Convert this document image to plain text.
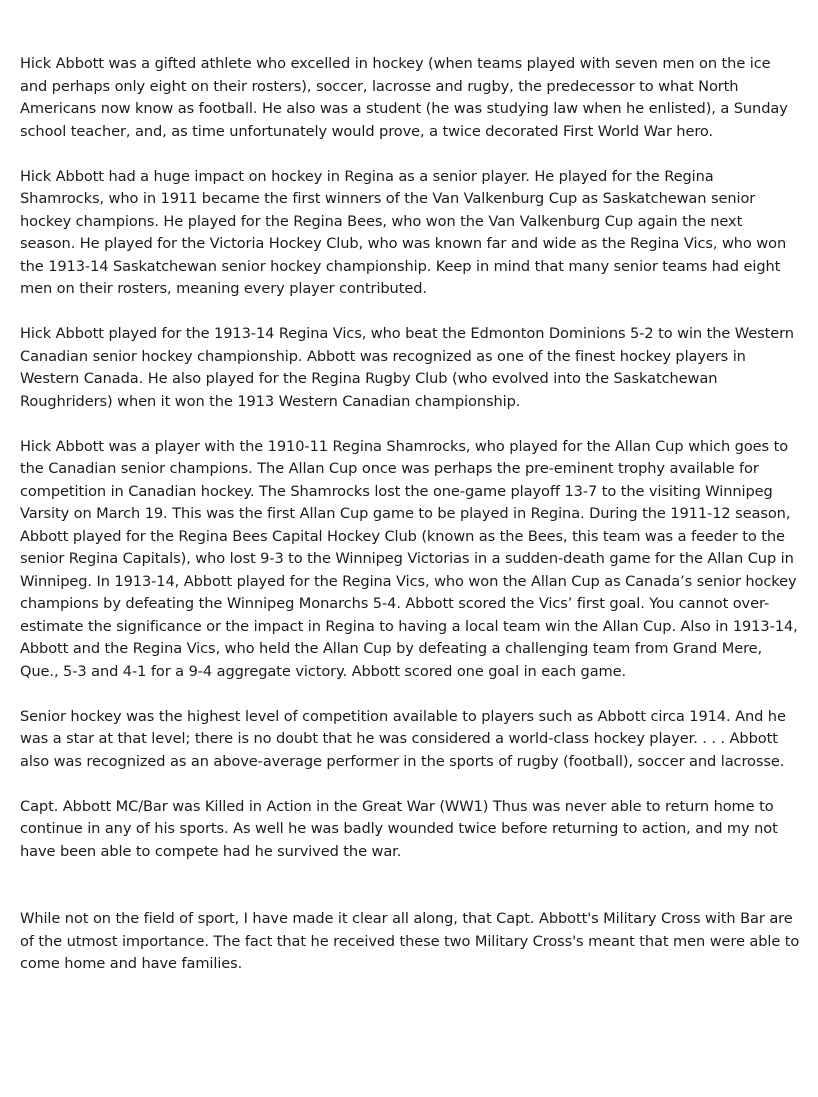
Hick Abbott was a gifted athlete who excelled in hockey (when teams played with seven men on the ice and perhaps only eight on their rosters), soccer, lacrosse and rugby, the predecessor to what North Americans now know as football. He also was a student (he was studying law when he enlisted), a Sunday school teacher, and, as time unfortunately would prove, a twice decorated First World War hero.

Hick Abbott had a huge impact on hockey in Regina as a senior player. He played for the Regina Shamrocks, who in 1911 became the first winners of the Van Valkenburg Cup as Saskatchewan senior hockey champions. He played for the Regina Bees, who won the Van Valkenburg Cup again the next season. He played for the Victoria Hockey Club, who was known far and wide as the Regina Vics, who won the 1913-14 Saskatchewan senior hockey championship. Keep in mind that many senior teams had eight men on their rosters, meaning every player contributed.

Hick Abbott played for the 1913-14 Regina Vics, who beat the Edmonton Dominions 5-2 to win the Western Canadian senior hockey championship. Abbott was recognized as one of the finest hockey players in Western Canada. He also played for the Regina Rugby Club (who evolved into the Saskatchewan Roughriders) when it won the 1913 Western Canadian championship.

Hick Abbott was a player with the 1910-11 Regina Shamrocks, who played for the Allan Cup which goes to the Canadian senior champions. The Allan Cup once was perhaps the pre-eminent trophy available for competition in Canadian hockey. The Shamrocks lost the one-game playoff 13-7 to the visiting Winnipeg Varsity on March 19. This was the first Allan Cup game to be played in Regina. During the 1911-12 season, Abbott played for the Regina Bees Capital Hockey Club (known as the Bees, this team was a feeder to the senior Regina Capitals), who lost 9-3 to the Winnipeg Victorias in a sudden-death game for the Allan Cup in Winnipeg. In 1913-14, Abbott played for the Regina Vics, who won the Allan Cup as Canada’s senior hockey champions by defeating the Winnipeg Monarchs 5-4. Abbott scored the Vics’ first goal. You cannot over-estimate the significance or the impact in Regina to having a local team win the Allan Cup. Also in 1913-14, Abbott and the Regina Vics, who held the Allan Cup by defeating a challenging team from Grand Mere, Que., 5-3 and 4-1 for a 9-4 aggregate victory. Abbott scored one goal in each game.

Senior hockey was the highest level of competition available to players such as Abbott circa 1914. And he was a star at that level; there is no doubt that he was considered a world-class hockey player. . . . Abbott also was recognized as an above-average performer in the sports of rugby (football), soccer and lacrosse.

Capt. Abbott MC/Bar was Killed in Action in the Great War (WW1) Thus was never able to return home to continue in any of his sports. As well he was badly wounded twice before returning to action, and my not have been able to compete had he survived the war.

While not on the field of sport, I have made it clear all along, that Capt. Abbott's Military Cross with Bar are of the utmost importance. The fact that he received these two Military Cross's meant that men were able to come home and have families.
